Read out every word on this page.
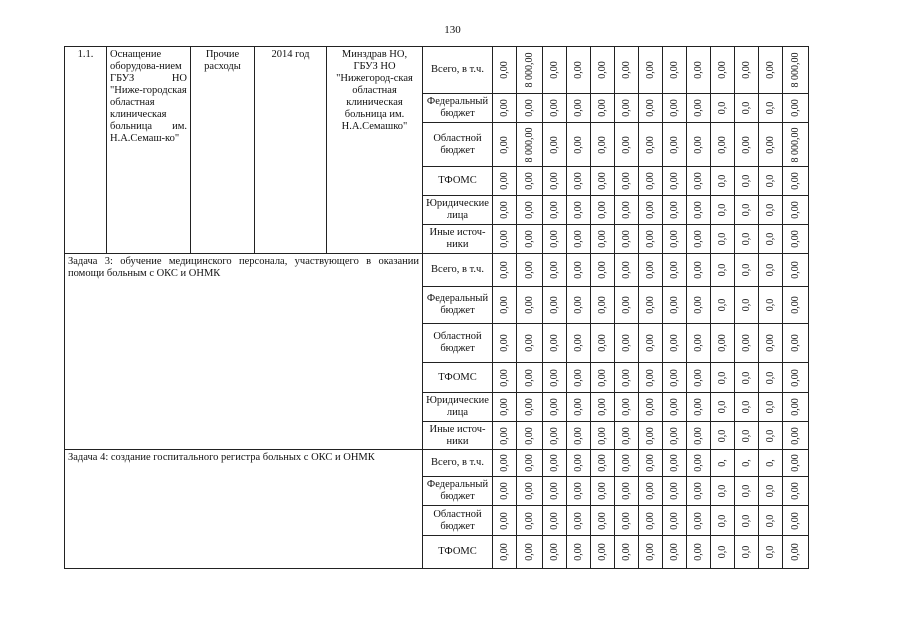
130
1.1.	Оснащение оборудова-нием ГБУЗ НО "Ниже-городская областная клиническая больница им. Н.А.Семаш-ко"	Прочие расходы	2014 год	Минздрав НО, ГБУЗ НО "Нижегород-ская областная клиническая больница им. Н.А.Семашко"	Всего, в т.ч.	0,00	8 000,00	0,00	0,00	0,00	0,00	0,00	0,00	0,00	0,00	0,00	0,00	8 000,00

					Федеральный бюджет	0,00	0,00	0,00	0,00	0,00	0,00	0,00	0,00	0,00	0,0	0,0	0,0	0,00

					Областной бюджет	0,00	8 000,00	0,00	0,00	0,00	0,00	0,00	0,00	0,00	0,00	0,00	0,00	8 000,00

					ТФОМС	0,00	0,00	0,00	0,00	0,00	0,00	0,00	0,00	0,00	0,0	0,0	0,0	0,00

					Юридические лица	0,00	0,00	0,00	0,00	0,00	0,00	0,00	0,00	0,00	0,0	0,0	0,0	0,00

					Иные источ-ники	0,00	0,00	0,00	0,00	0,00	0,00	0,00	0,00	0,00	0,0	0,0	0,0	0,00

Задача 3: обучение медицинского персонала, участвующего в оказании помощи больным с ОКС и ОНМК					Всего, в т.ч.	0,00	0,00	0,00	0,00	0,00	0,00	0,00	0,00	0,00	0,0	0,0	0,0	0,00

					Федеральный бюджет	0,00	0,00	0,00	0,00	0,00	0,00	0,00	0,00	0,00	0,0	0,0	0,0	0,00

					Областной бюджет	0,00	0,00	0,00	0,00	0,00	0,00	0,00	0,00	0,00	0,00	0,00	0,00	0,00

					ТФОМС	0,00	0,00	0,00	0,00	0,00	0,00	0,00	0,00	0,00	0,0	0,0	0,0	0,00

					Юридические лица	0,00	0,00	0,00	0,00	0,00	0,00	0,00	0,00	0,00	0,0	0,0	0,0	0,00

					Иные источ-ники	0,00	0,00	0,00	0,00	0,00	0,00	0,00	0,00	0,00	0,0	0,0	0,0	0,00

Задача 4: создание госпитального регистра больных с ОКС и ОНМК					Всего, в т.ч.	0,00	0,00	0,00	0,00	0,00	0,00	0,00	0,00	0,00	0,	0,	0,	0,00

					Федеральный бюджет	0,00	0,00	0,00	0,00	0,00	0,00	0,00	0,00	0,00	0,0	0,0	0,0	0,00

					Областной бюджет	0,00	0,00	0,00	0,00	0,00	0,00	0,00	0,00	0,00	0,0	0,0	0,0	0,00

					ТФОМС	0,00	0,00	0,00	0,00	0,00	0,00	0,00	0,00	0,00	0,0	0,0	0,0	0,00
